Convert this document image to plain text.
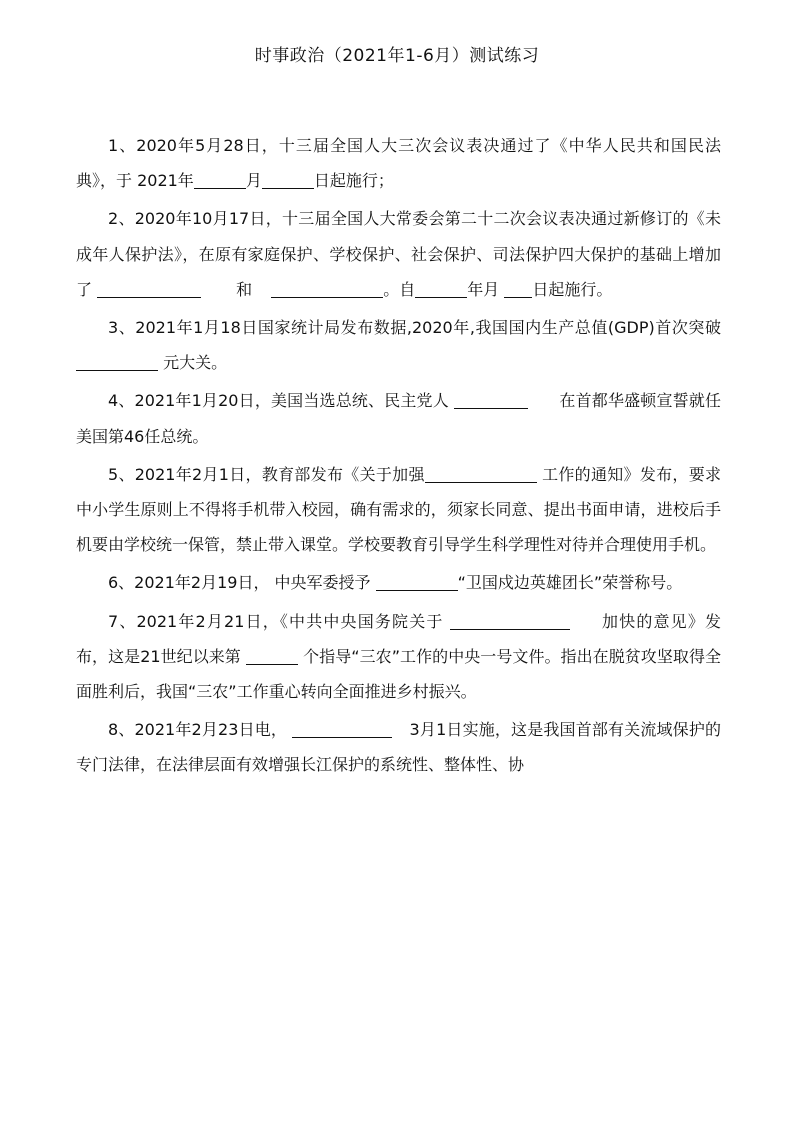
时事政治（2021年1-6月）测试练习

1、2020年5月28日，十三届全国人大三次会议表决通过了《中华人民共和国民法典》，于 2021年	月	日起施行；

2、2020年10月17日，十三届全国人大常委会第二十二次会议表决通过新修订的《未成年人保护法》，在原有家庭保护、学校保护、社会保护、司法保护四大保护的基础上增加了	和	。自	年月 日起施行。

3、2021年1月18日国家统计局发布数据,2020年,我国国内生产总值(GDP)首次突破  元大关。

4、2021年1月20日，美国当选总统、民主党人	在首都华盛顿宣誓就任美国第46任总统。

5、2021年2月1日，教育部发布《关于加强	工作的通知》发布，要求中小学生原则上不得将手机带入校园，确有需求的，须家长同意、提出书面申请，进校后手机要由学校统一保管，禁止带入课堂。学校要教育引导学生科学理性对待并合理使用手机。

6、2021年2月19日， 中央军委授予	“卫国戍边英雄团长”荣誉称号。

7、2021年2月21日，《中共中央国务院关于	加快的意见》发布，这是21世纪以来第	个指导“三农”工作的中央一号文件。指出在脱贫攻坚取得全面胜利后，我国“三农”工作重心转向全面推进乡村振兴。

8、2021年2月23日电，	3月1日实施，这是我国首部有关流域保护的专门法律，在法律层面有效增强长江保护的系统性、整体性、协
